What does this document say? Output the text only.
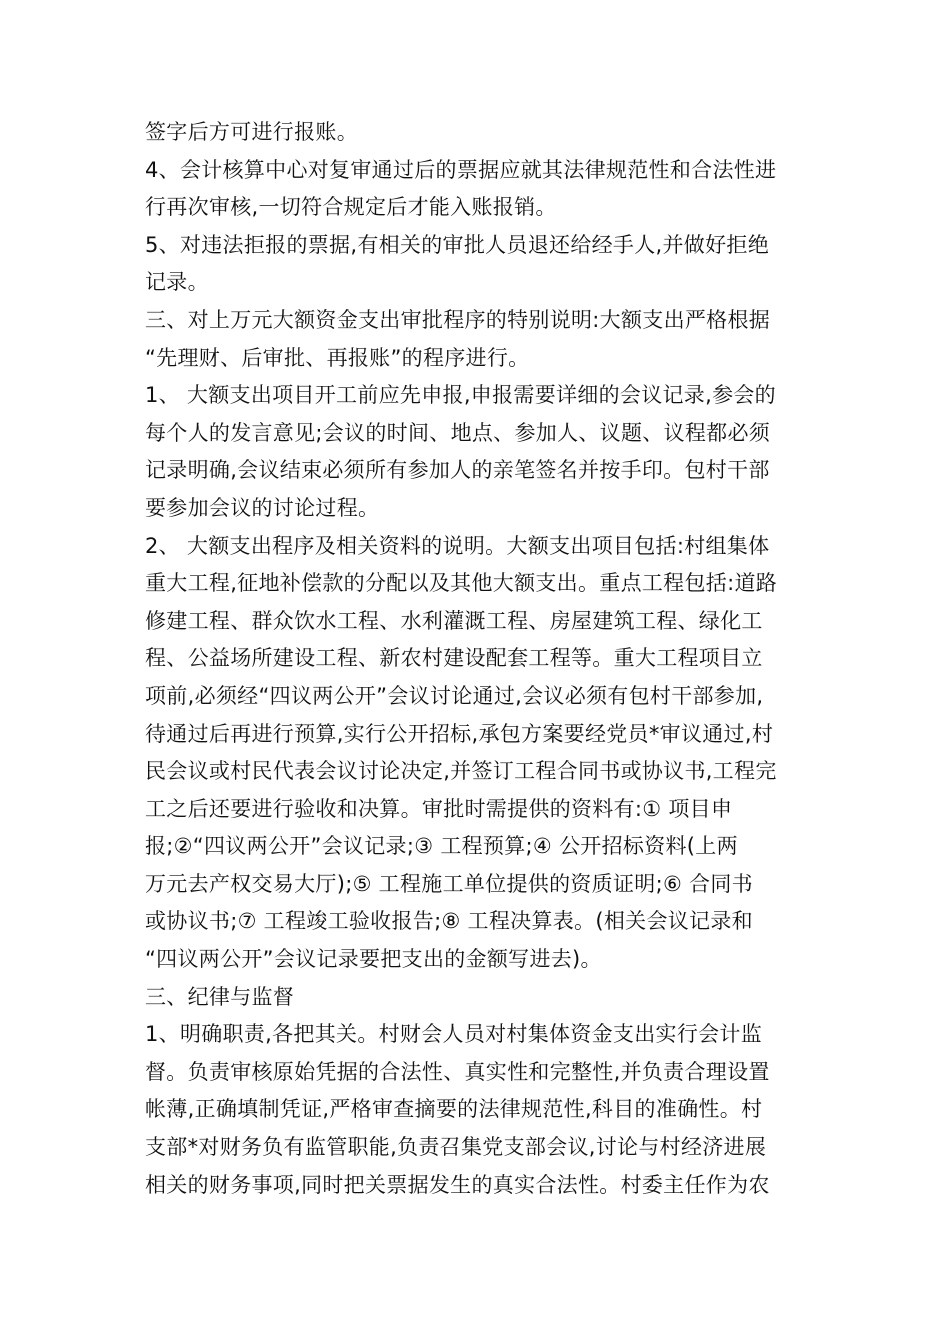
签字后方可进行报账。
4、会计核算中心对复审通过后的票据应就其法律规范性和合法性进
行再次审核,一切符合规定后才能入账报销。
5、对违法拒报的票据,有相关的审批人员退还给经手人,并做好拒绝
记录。
三、对上万元大额资金支出审批程序的特别说明:大额支出严格根据
“先理财、后审批、再报账”的程序进行。
1、 大额支出项目开工前应先申报,申报需要详细的会议记录,参会的
每个人的发言意见;会议的时间、地点、参加人、议题、议程都必须
记录明确,会议结束必须所有参加人的亲笔签名并按手印。包村干部
要参加会议的讨论过程。
2、 大额支出程序及相关资料的说明。大额支出项目包括:村组集体
重大工程,征地补偿款的分配以及其他大额支出。重点工程包括:道路
修建工程、群众饮水工程、水利灌溉工程、房屋建筑工程、绿化工
程、公益场所建设工程、新农村建设配套工程等。重大工程项目立
项前,必须经“四议两公开”会议讨论通过,会议必须有包村干部参加,
待通过后再进行预算,实行公开招标,承包方案要经党员*审议通过,村
民会议或村民代表会议讨论决定,并签订工程合同书或协议书,工程完
工之后还要进行验收和决算。审批时需提供的资料有:① 项目申
报;②“四议两公开”会议记录;③ 工程预算;④ 公开招标资料(上两
万元去产权交易大厅);⑤ 工程施工单位提供的资质证明;⑥ 合同书
或协议书;⑦ 工程竣工验收报告;⑧ 工程决算表。(相关会议记录和
“四议两公开”会议记录要把支出的金额写进去)。
三、纪律与监督
1、明确职责,各把其关。村财会人员对村集体资金支出实行会计监
督。负责审核原始凭据的合法性、真实性和完整性,并负责合理设置
帐薄,正确填制凭证,严格审查摘要的法律规范性,科目的准确性。村
支部*对财务负有监管职能,负责召集党支部会议,讨论与村经济进展
相关的财务事项,同时把关票据发生的真实合法性。村委主任作为农
